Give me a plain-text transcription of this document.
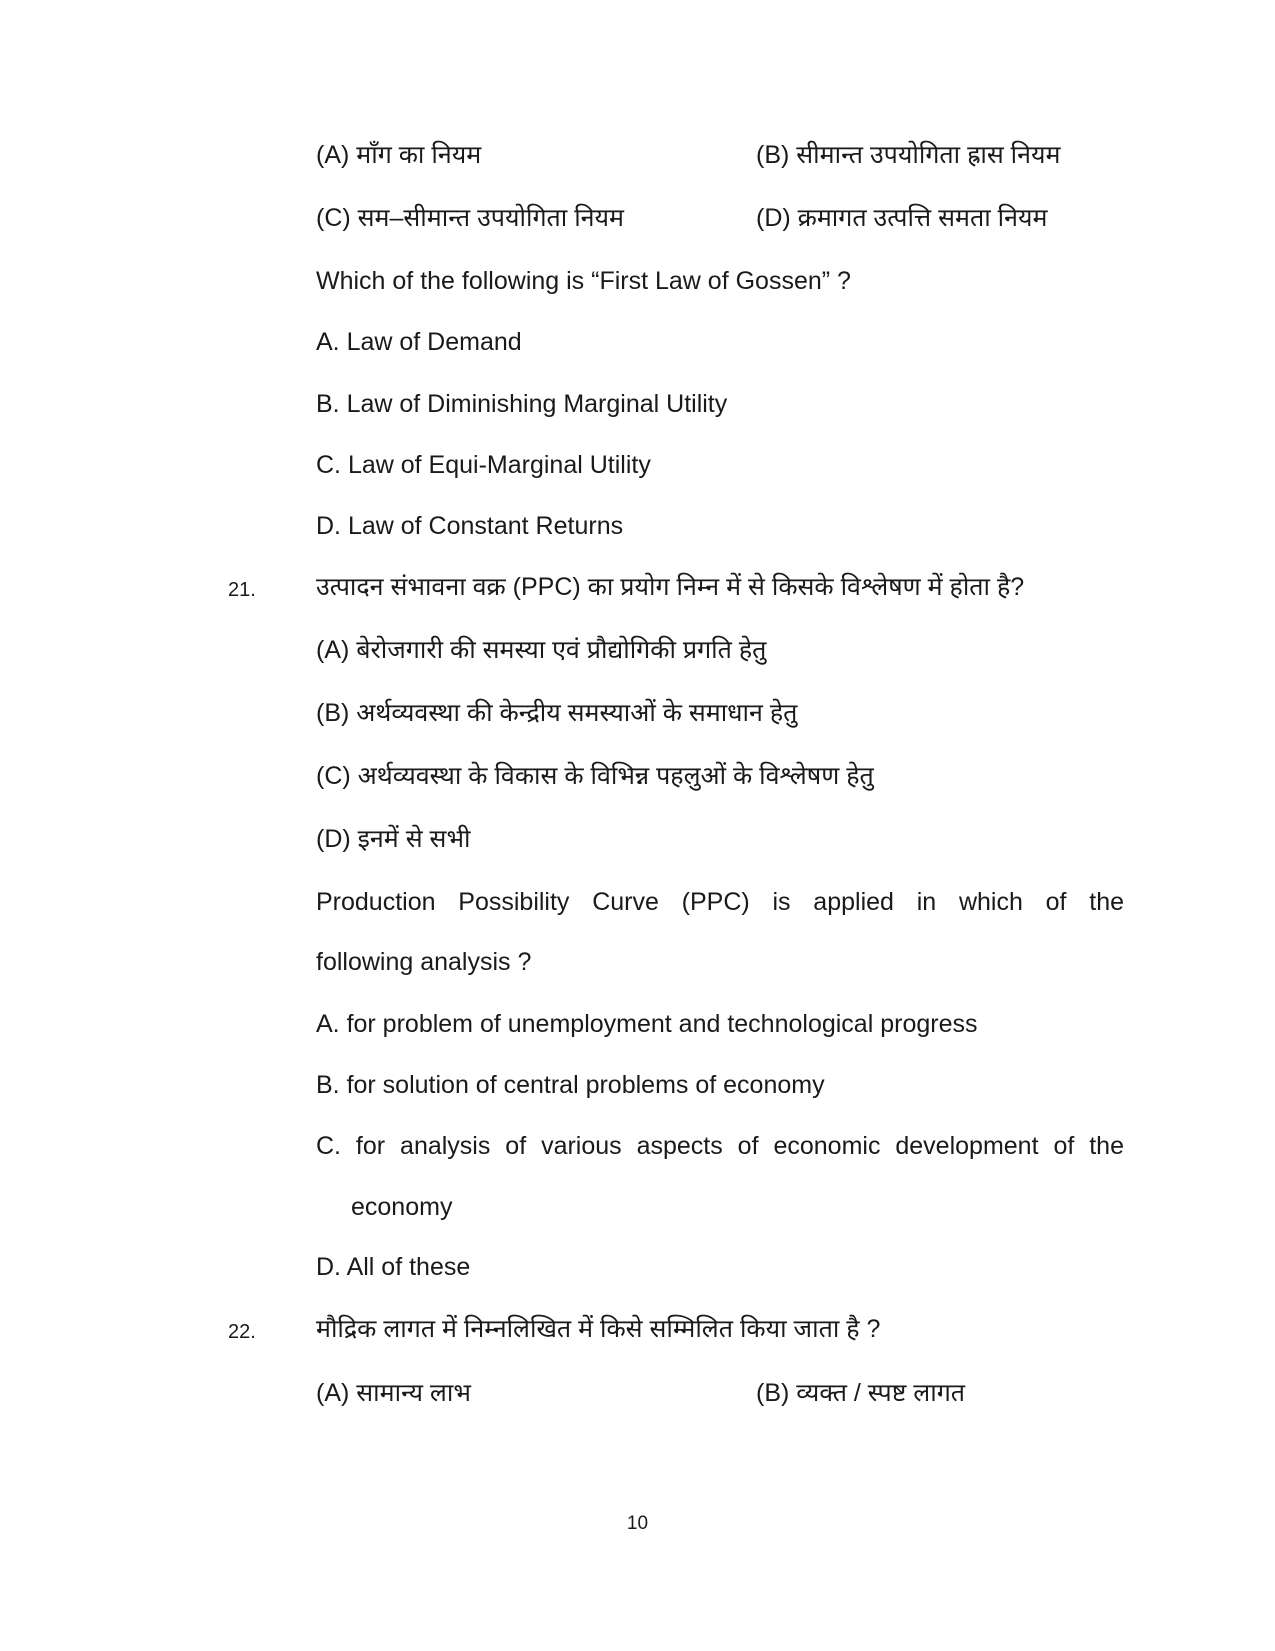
(A) माँग का नियम	(B) सीमान्त उपयोगिता ह्रास नियम
(C) सम–सीमान्त उपयोगिता नियम	(D) क्रमागत उत्पत्ति समता नियम
Which of the following is “First Law of Gossen” ?
A. Law of Demand
B. Law of Diminishing Marginal Utility
C. Law of Equi-Marginal Utility
D. Law of Constant Returns
21. उत्पादन संभावना वक्र (PPC) का प्रयोग निम्न में से किसके विश्लेषण में होता है?
(A) बेरोजगारी की समस्या एवं प्रौद्योगिकी प्रगति हेतु
(B) अर्थव्यवस्था की केन्द्रीय समस्याओं के समाधान हेतु
(C) अर्थव्यवस्था के विकास के विभिन्न पहलुओं के विश्लेषण हेतु
(D) इनमें से सभी
Production Possibility Curve (PPC) is applied in which of the
following analysis ?
A. for problem of unemployment and technological progress
B. for solution of central problems of economy
C. for analysis of various aspects of economic development of the
economy
D. All of these
22. मौद्रिक लागत में निम्नलिखित में किसे सम्मिलित किया जाता है ?
(A) सामान्य लाभ	(B) व्यक्त / स्पष्ट लागत
10
